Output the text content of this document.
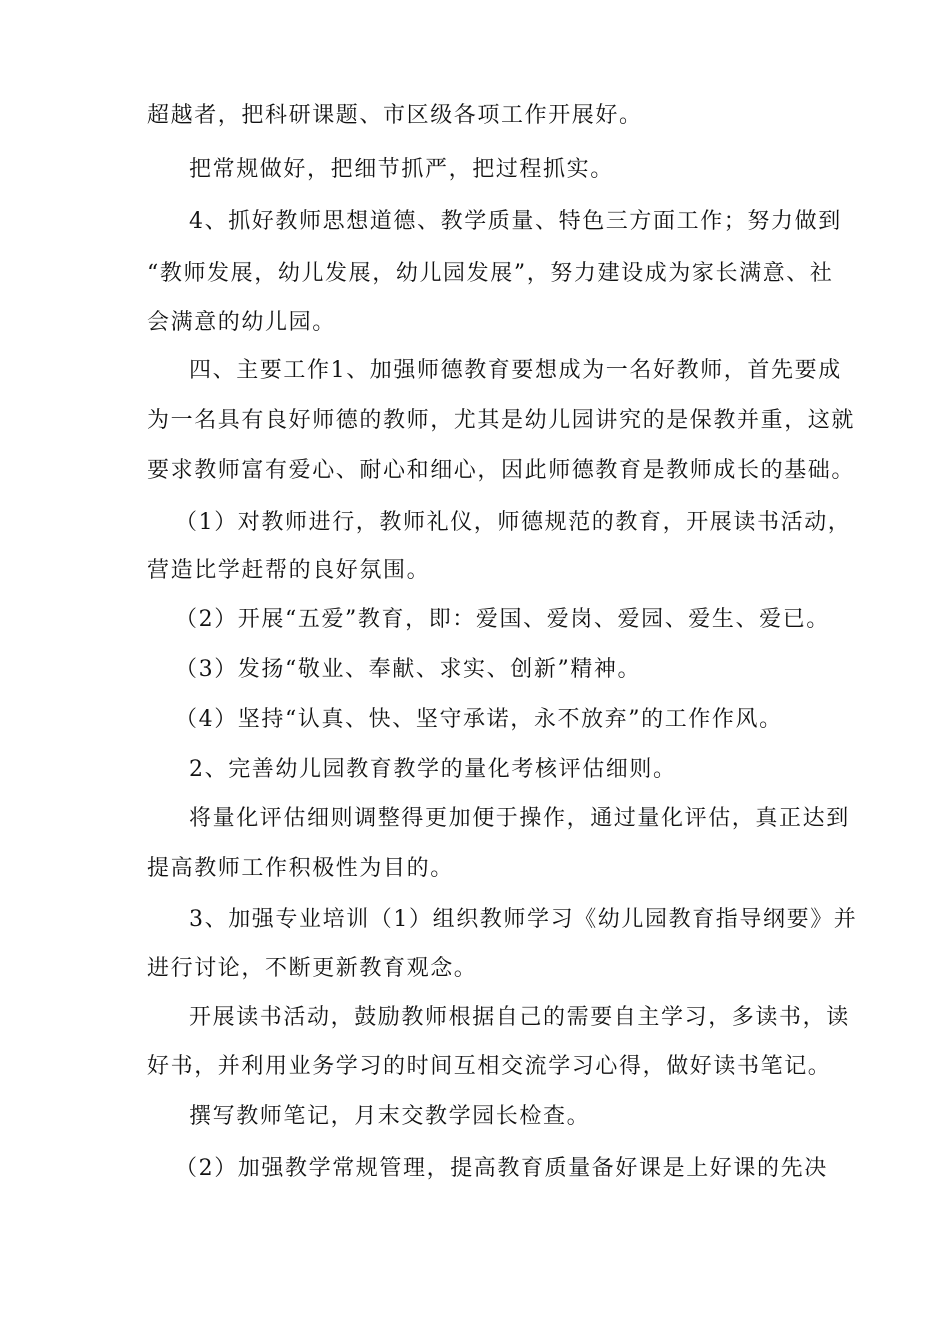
超越者，把科研课题、市区级各项工作开展好。
把常规做好，把细节抓严，把过程抓实。
4、抓好教师思想道德、教学质量、特色三方面工作；努力做到
“教师发展，幼儿发展，幼儿园发展”，努力建设成为家长满意、社
会满意的幼儿园。
四、主要工作1、加强师德教育要想成为一名好教师，首先要成
为一名具有良好师德的教师，尤其是幼儿园讲究的是保教并重，这就
要求教师富有爱心、耐心和细心，因此师德教育是教师成长的基础。
（1）对教师进行，教师礼仪，师德规范的教育，开展读书活动，
营造比学赶帮的良好氛围。
（2）开展“五爱”教育，即：爱国、爱岗、爱园、爱生、爱已。
（3）发扬“敬业、奉献、求实、创新”精神。
（4）坚持“认真、快、坚守承诺，永不放弃”的工作作风。
2、完善幼儿园教育教学的量化考核评估细则。
将量化评估细则调整得更加便于操作，通过量化评估，真正达到
提高教师工作积极性为目的。
3、加强专业培训（1）组织教师学习《幼儿园教育指导纲要》并
进行讨论，不断更新教育观念。
开展读书活动，鼓励教师根据自己的需要自主学习，多读书，读
好书，并利用业务学习的时间互相交流学习心得，做好读书笔记。
撰写教师笔记，月末交教学园长检查。
（2）加强教学常规管理，提高教育质量备好课是上好课的先决
